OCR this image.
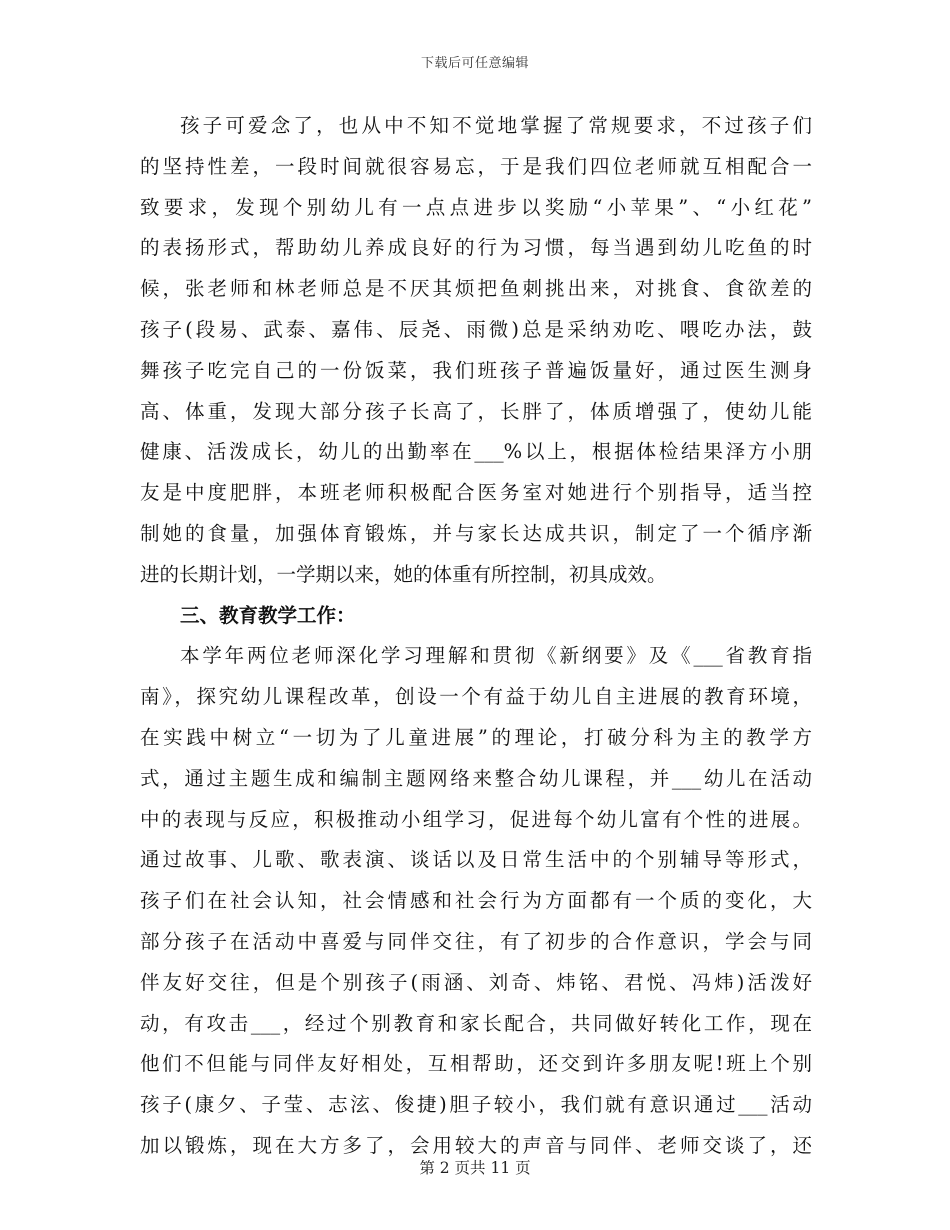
下载后可任意编辑
孩子可爱念了，也从中不知不觉地掌握了常规要求，不过孩子们
的坚持性差，一段时间就很容易忘，于是我们四位老师就互相配合一
致要求，发现个别幼儿有一点点进步以奖励“小苹果”、“小红花”
的表扬形式，帮助幼儿养成良好的行为习惯，每当遇到幼儿吃鱼的时
候，张老师和林老师总是不厌其烦把鱼刺挑出来，对挑食、食欲差的
孩子(段易、武泰、嘉伟、辰尧、雨微)总是采纳劝吃、喂吃办法，鼓
舞孩子吃完自己的一份饭菜，我们班孩子普遍饭量好，通过医生测身
高、体重，发现大部分孩子长高了，长胖了，体质增强了，使幼儿能
健康、活泼成长，幼儿的出勤率在___%以上，根据体检结果泽方小朋
友是中度肥胖，本班老师积极配合医务室对她进行个别指导，适当控
制她的食量，加强体育锻炼，并与家长达成共识，制定了一个循序渐
进的长期计划，一学期以来，她的体重有所控制，初具成效。
三、教育教学工作：
本学年两位老师深化学习理解和贯彻《新纲要》及《___省教育指
南》，探究幼儿课程改革，创设一个有益于幼儿自主进展的教育环境，
在实践中树立“一切为了儿童进展”的理论，打破分科为主的教学方
式，通过主题生成和编制主题网络来整合幼儿课程，并___幼儿在活动
中的表现与反应，积极推动小组学习，促进每个幼儿富有个性的进展。
通过故事、儿歌、歌表演、谈话以及日常生活中的个别辅导等形式，
孩子们在社会认知，社会情感和社会行为方面都有一个质的变化，大
部分孩子在活动中喜爱与同伴交往，有了初步的合作意识，学会与同
伴友好交往，但是个别孩子(雨涵、刘奇、炜铭、君悦、冯炜)活泼好
动，有攻击___，经过个别教育和家长配合，共同做好转化工作，现在
他们不但能与同伴友好相处，互相帮助，还交到许多朋友呢!班上个别
孩子(康夕、子莹、志泫、俊捷)胆子较小，我们就有意识通过___活动
加以锻炼，现在大方多了，会用较大的声音与同伴、老师交谈了，还
第 2 页共 11 页
